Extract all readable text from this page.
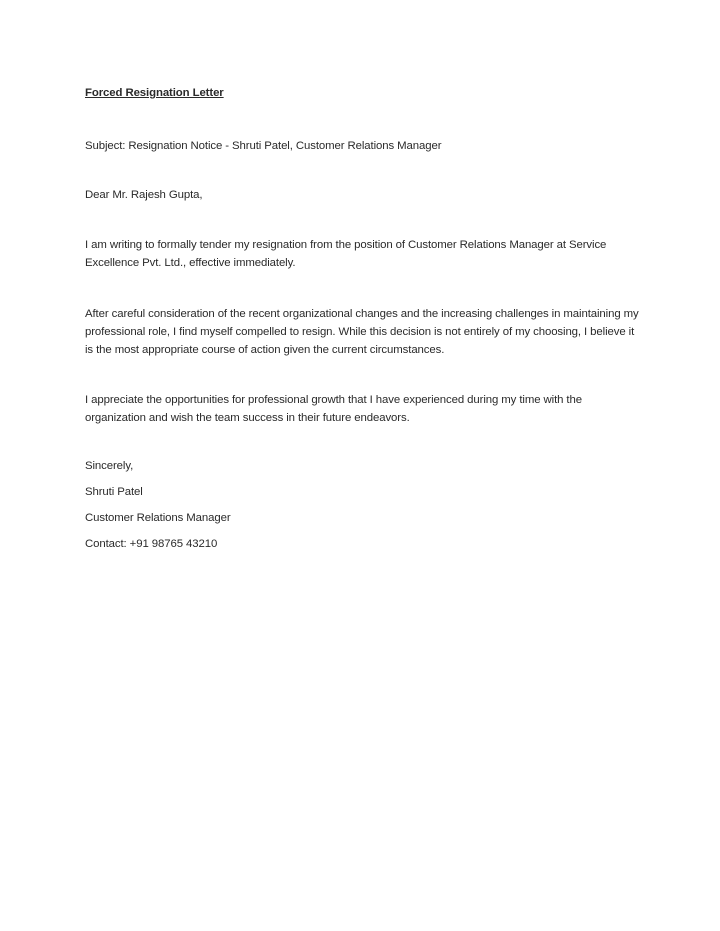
Forced Resignation Letter

Subject: Resignation Notice - Shruti Patel, Customer Relations Manager

Dear Mr. Rajesh Gupta,

I am writing to formally tender my resignation from the position of Customer Relations Manager at Service Excellence Pvt. Ltd., effective immediately.

After careful consideration of the recent organizational changes and the increasing challenges in maintaining my professional role, I find myself compelled to resign. While this decision is not entirely of my choosing, I believe it is the most appropriate course of action given the current circumstances.

I appreciate the opportunities for professional growth that I have experienced during my time with the organization and wish the team success in their future endeavors.

Sincerely,

Shruti Patel

Customer Relations Manager

Contact: +91 98765 43210
